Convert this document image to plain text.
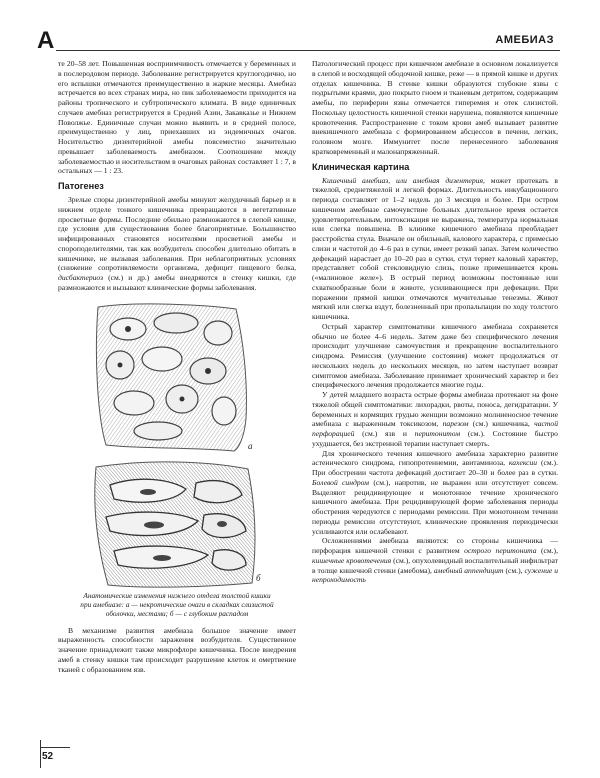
А	АМЕБИАЗ

те 20–58 лет. Повышенная восприимчивость отмечается у беременных и в послеродовом периоде. Заболевание регистрируется круглогодично, но его вспышки отмечаются преимущественно в жаркие месяцы. Амебиаз встречается во всех странах мира, но пик заболеваемости приходится на районы тропического и субтропического климата. В виде единичных случаев амебиаз регистрируется в Средней Азии, Закавказье и Нижнем Поволжье. Единичные случаи можно выявить и в средней полосе, преимущественно у лиц, приехавших из эндемичных очагов. Носительство дизентерийной амебы повсеместно значительно превышает заболеваемость амебиазом. Соотношение между заболеваемостью и носительством в очаговых районах составляет 1 : 7, в остальных — 1 : 23.

Патогенез

Зрелые споры дизентерийной амебы минуют желудочный барьер и в нижнем отделе тонкого кишечника превращаются в вегетативные просветные формы. Последние обильно размножаются в слепой кишке, где условия для существования более благоприятные. Большинство инфицированных становятся носителями просветной амебы и спороподелителями, так как возбудитель способен длительно обитать в кишечнике, не вызывая заболевания. При неблагоприятных условиях (снижение сопротивляемости организма, дефицит пищевого белка, дисбактериоз (см.) и др.) амебы внедряются в стенку кишки, где размножаются и вызывают клинические формы заболевания.

а
б
Анатомические изменения нижнего отдела толстой кишки
при амебиазе: а — некротические очаги в складках слизистой
оболочки, местами; б — с глубоким распадом

В механизме развития амебиаза большое значение имеет выраженность способности заражения возбудителя. Существенное значение принадлежит также микрофлоре кишечника. После внедрения амеб в стенку кишки там происходит разрушение клеток и омертвение тканей с образованием язв.

Патологический процесс при кишечном амебиазе в основном локализуется в слепой и восходящей ободочной кишке, реже — в прямой кишке и других отделах кишечника. В стенке кишки образуются глубокие язвы с подрытыми краями, дно покрыто гноем и тканевым детритом, содержащим амебы, по периферии язвы отмечается гиперемия и отек слизистой. Поскольку целостность кишечной стенки нарушена, появляются кишечные кровотечения. Распространение с током крови амеб вызывает развитие внекишечного амебиаза с формированием абсцессов в печени, легких, головном мозге. Иммунитет после перенесенного заболевания кратковременный и малонапряженный.

Клиническая картина

Кишечный амебиаз, или амебная дизентерия, может протекать в тяжелой, среднетяжелой и легкой формах. Длительность инкубационного периода составляет от 1–2 недель до 3 месяцев и более. При остром кишечном амебиазе самочувствие больных длительное время остается удовлетворительным, интоксикация не выражена, температура нормальная или слегка повышена. В клинике кишечного амебиаза преобладает расстройства стула. Вначале он обильный, калового характера, с примесью слизи и частотой до 4–6 раз в сутки, имеет резкий запах. Затем количество дефекаций нарастает до 10–20 раз в сутки, стул теряет каловый характер, представляет собой стекловидную слизь, позже примешивается кровь («малиновое желе»). В острый период возможны постоянные или схваткообразные боли в животе, усиливающиеся при дефекации. При поражении прямой кишки отмечаются мучительные тенезмы. Живот мягкий или слегка вздут, болезненный при пропальпации по ходу толстого кишечника.

Острый характер симптоматики кишечного амебиаза сохраняется обычно не более 4–6 недель. Затем даже без специфического лечения происходит улучшение самочувствия и прекращение воспалительного синдрома. Ремиссия (улучшение состояния) может продолжаться от нескольких недель до нескольких месяцев, но затем наступает возврат симптомов амебиаза. Заболевание принимает хронический характер и без специфического лечения продолжается многие годы.

У детей младшего возраста острые формы амебиаза протекают на фоне тяжелой общей симптоматики: лихорадки, рвоты, поноса, дегидратации. У беременных и кормящих грудью женщин возможно молниеносное течение амебиаза с выраженным токсикозом, парезом (см.) кишечника, частой перфорацией (см.) язв и перитонитом (см.). Состояние быстро ухудшается, без экстренной терапии наступает смерть.

Для хронического течения кишечного амебиаза характерно развитие астенического синдрома, гипопротеинемии, авитаминоза, кахексии (см.). При обострении частота дефекаций достигает 20–30 и более раз в сутки. Болевой синдром (см.), напротив, не выражен или отсутствует совсем. Выделяют рецидивирующее и монотонное течение хронического кишечного амебиаза. При рецидивирующей форме заболевания периоды обострения чередуются с периодами ремиссии. При монотонном течении периоды ремиссии отсутствуют, клинические проявления периодически усиливаются или ослабевают.

Осложнениями амебиаза являются: со стороны кишечника — перфорация кишечной стенки с развитием острого перитонита (см.), кишечные кровотечения (см.), опухолевидный воспалительный инфильтрат в толще кишечной стенки (амебома), амебный аппендицит (см.), сужение и непроходимость

52
